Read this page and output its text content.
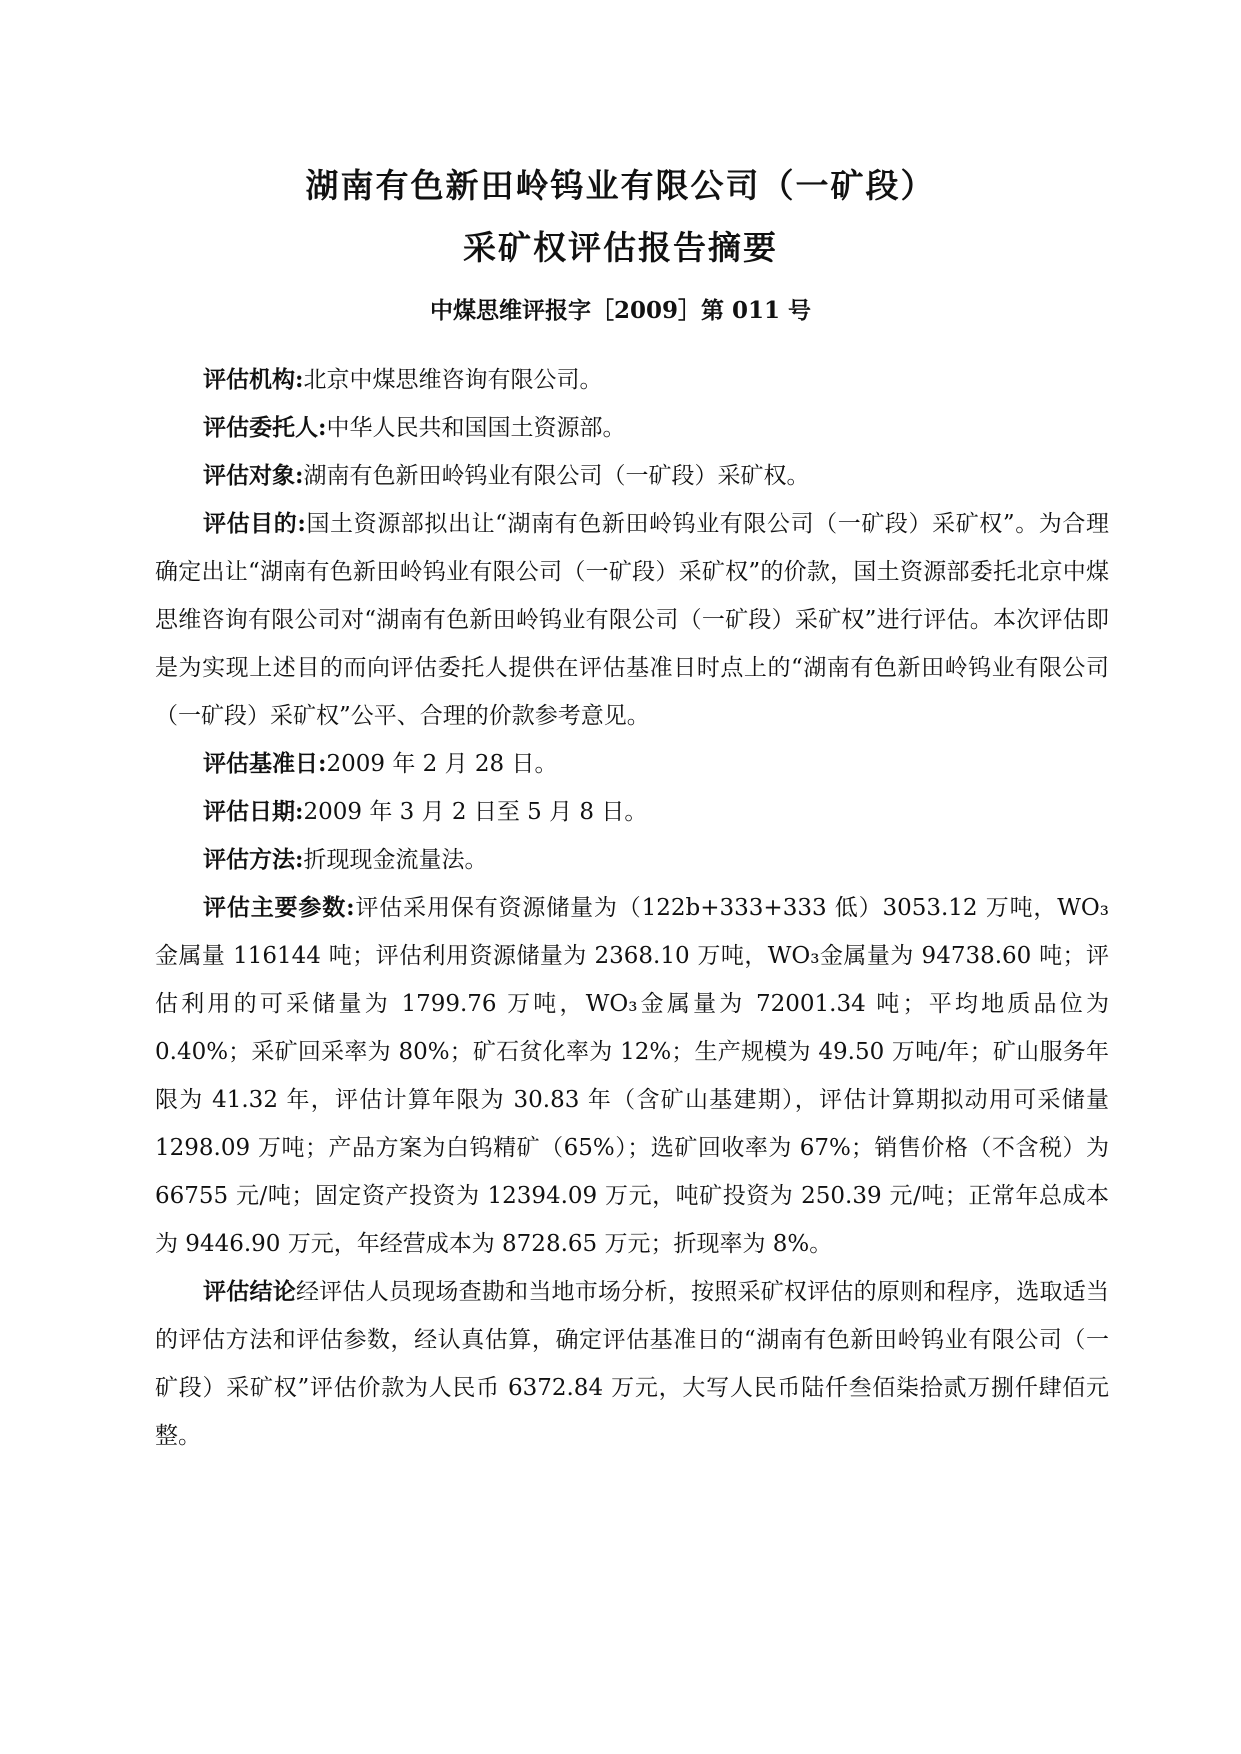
湖南有色新田岭钨业有限公司（一矿段）
采矿权评估报告摘要
中煤思维评报字［2009］第 011 号

评估机构:北京中煤思维咨询有限公司。

评估委托人:中华人民共和国国土资源部。

评估对象:湖南有色新田岭钨业有限公司（一矿段）采矿权。

评估目的:国土资源部拟出让“湖南有色新田岭钨业有限公司（一矿段）采矿权”。为合理确定出让“湖南有色新田岭钨业有限公司（一矿段）采矿权”的价款，国土资源部委托北京中煤思维咨询有限公司对“湖南有色新田岭钨业有限公司（一矿段）采矿权”进行评估。本次评估即是为实现上述目的而向评估委托人提供在评估基准日时点上的“湖南有色新田岭钨业有限公司（一矿段）采矿权”公平、合理的价款参考意见。

评估基准日:2009 年 2 月 28 日。

评估日期:2009 年 3 月 2 日至 5 月 8 日。

评估方法:折现现金流量法。

评估主要参数:评估采用保有资源储量为（122b+333+333 低）3053.12 万吨，WO₃金属量 116144 吨；评估利用资源储量为 2368.10 万吨，WO₃金属量为 94738.60 吨；评估利用的可采储量为 1799.76 万吨，WO₃金属量为 72001.34 吨；平均地质品位为 0.40%；采矿回采率为 80%；矿石贫化率为 12%；生产规模为 49.50 万吨/年；矿山服务年限为 41.32 年，评估计算年限为 30.83 年（含矿山基建期），评估计算期拟动用可采储量 1298.09 万吨；产品方案为白钨精矿（65%）；选矿回收率为 67%；销售价格（不含税）为 66755 元/吨；固定资产投资为 12394.09 万元，吨矿投资为 250.39 元/吨；正常年总成本为 9446.90 万元，年经营成本为 8728.65 万元；折现率为 8%。

评估结论经评估人员现场查勘和当地市场分析，按照采矿权评估的原则和程序，选取适当的评估方法和评估参数，经认真估算，确定评估基准日的“湖南有色新田岭钨业有限公司（一矿段）采矿权”评估价款为人民币 6372.84 万元，大写人民币陆仟叁佰柒拾贰万捌仟肆佰元整。
